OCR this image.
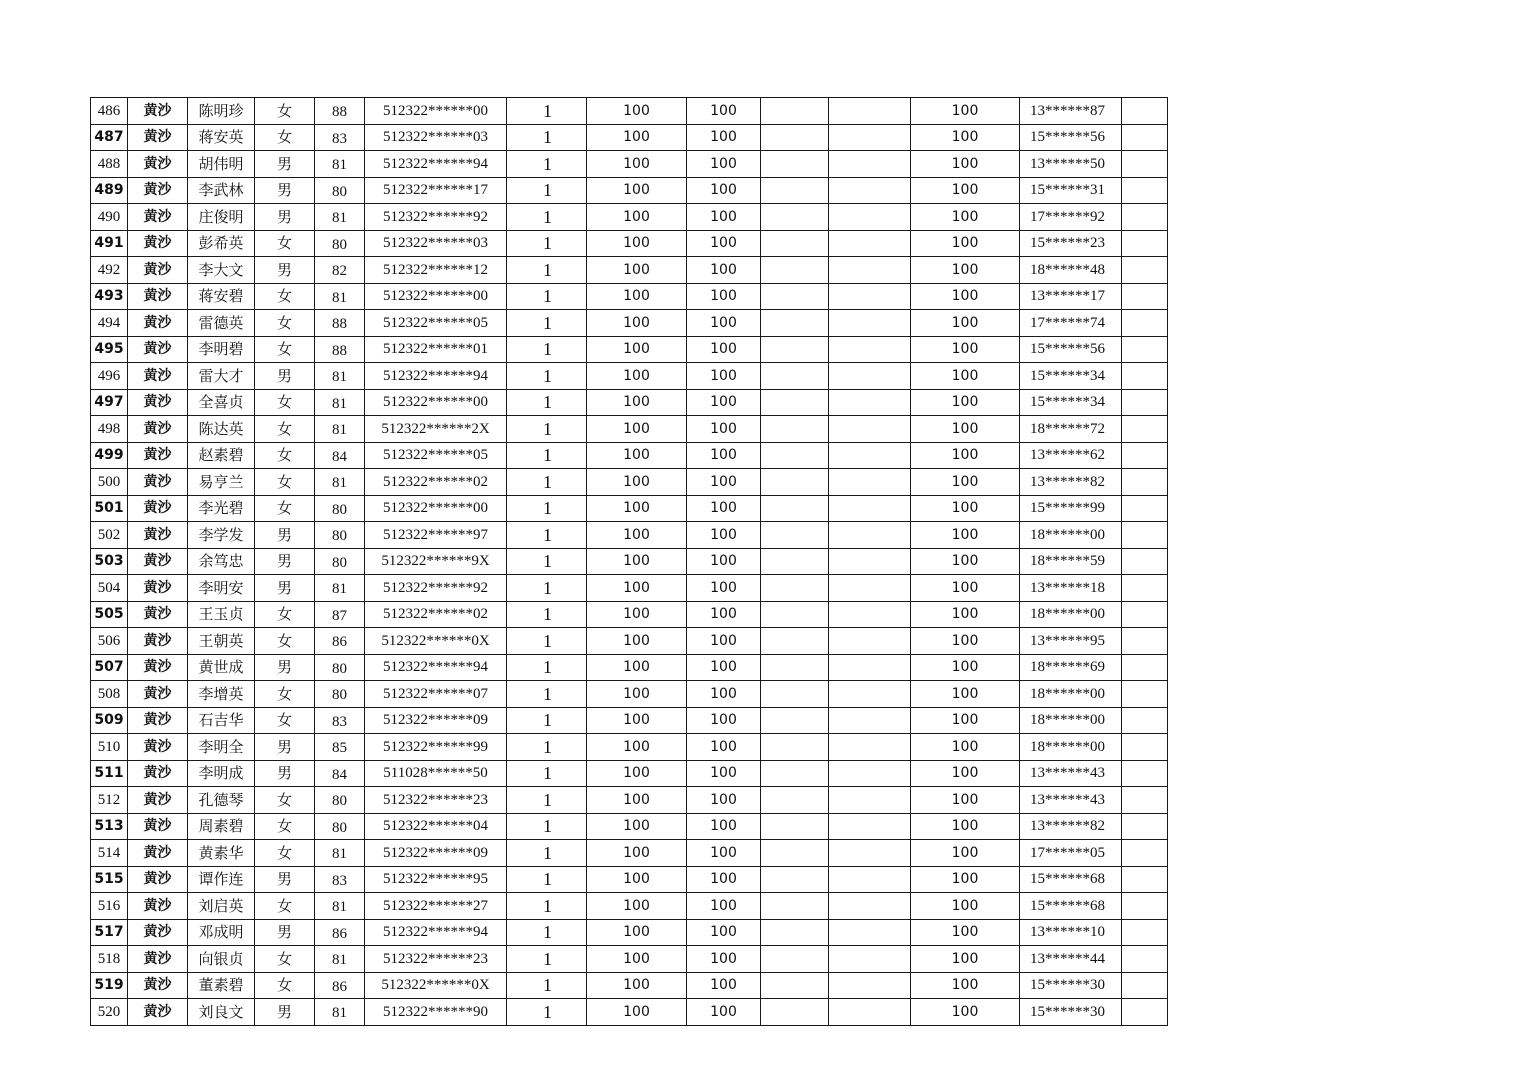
486	黄沙	陈明珍	女	88	512322******00	1	100	100			100	13******87	
487	黄沙	蒋安英	女	83	512322******03	1	100	100			100	15******56	
488	黄沙	胡伟明	男	81	512322******94	1	100	100			100	13******50	
489	黄沙	李武林	男	80	512322******17	1	100	100			100	15******31	
490	黄沙	庄俊明	男	81	512322******92	1	100	100			100	17******92	
491	黄沙	彭希英	女	80	512322******03	1	100	100			100	15******23	
492	黄沙	李大文	男	82	512322******12	1	100	100			100	18******48	
493	黄沙	蒋安碧	女	81	512322******00	1	100	100			100	13******17	
494	黄沙	雷德英	女	88	512322******05	1	100	100			100	17******74	
495	黄沙	李明碧	女	88	512322******01	1	100	100			100	15******56	
496	黄沙	雷大才	男	81	512322******94	1	100	100			100	15******34	
497	黄沙	全喜贞	女	81	512322******00	1	100	100			100	15******34	
498	黄沙	陈达英	女	81	512322******2X	1	100	100			100	18******72	
499	黄沙	赵素碧	女	84	512322******05	1	100	100			100	13******62	
500	黄沙	易亨兰	女	81	512322******02	1	100	100			100	13******82	
501	黄沙	李光碧	女	80	512322******00	1	100	100			100	15******99	
502	黄沙	李学发	男	80	512322******97	1	100	100			100	18******00	
503	黄沙	余笃忠	男	80	512322******9X	1	100	100			100	18******59	
504	黄沙	李明安	男	81	512322******92	1	100	100			100	13******18	
505	黄沙	王玉贞	女	87	512322******02	1	100	100			100	18******00	
506	黄沙	王朝英	女	86	512322******0X	1	100	100			100	13******95	
507	黄沙	黄世成	男	80	512322******94	1	100	100			100	18******69	
508	黄沙	李增英	女	80	512322******07	1	100	100			100	18******00	
509	黄沙	石吉华	女	83	512322******09	1	100	100			100	18******00	
510	黄沙	李明全	男	85	512322******99	1	100	100			100	18******00	
511	黄沙	李明成	男	84	511028******50	1	100	100			100	13******43	
512	黄沙	孔德琴	女	80	512322******23	1	100	100			100	13******43	
513	黄沙	周素碧	女	80	512322******04	1	100	100			100	13******82	
514	黄沙	黄素华	女	81	512322******09	1	100	100			100	17******05	
515	黄沙	谭作连	男	83	512322******95	1	100	100			100	15******68	
516	黄沙	刘启英	女	81	512322******27	1	100	100			100	15******68	
517	黄沙	邓成明	男	86	512322******94	1	100	100			100	13******10	
518	黄沙	向银贞	女	81	512322******23	1	100	100			100	13******44	
519	黄沙	董素碧	女	86	512322******0X	1	100	100			100	15******30	
520	黄沙	刘良文	男	81	512322******90	1	100	100			100	15******30	
